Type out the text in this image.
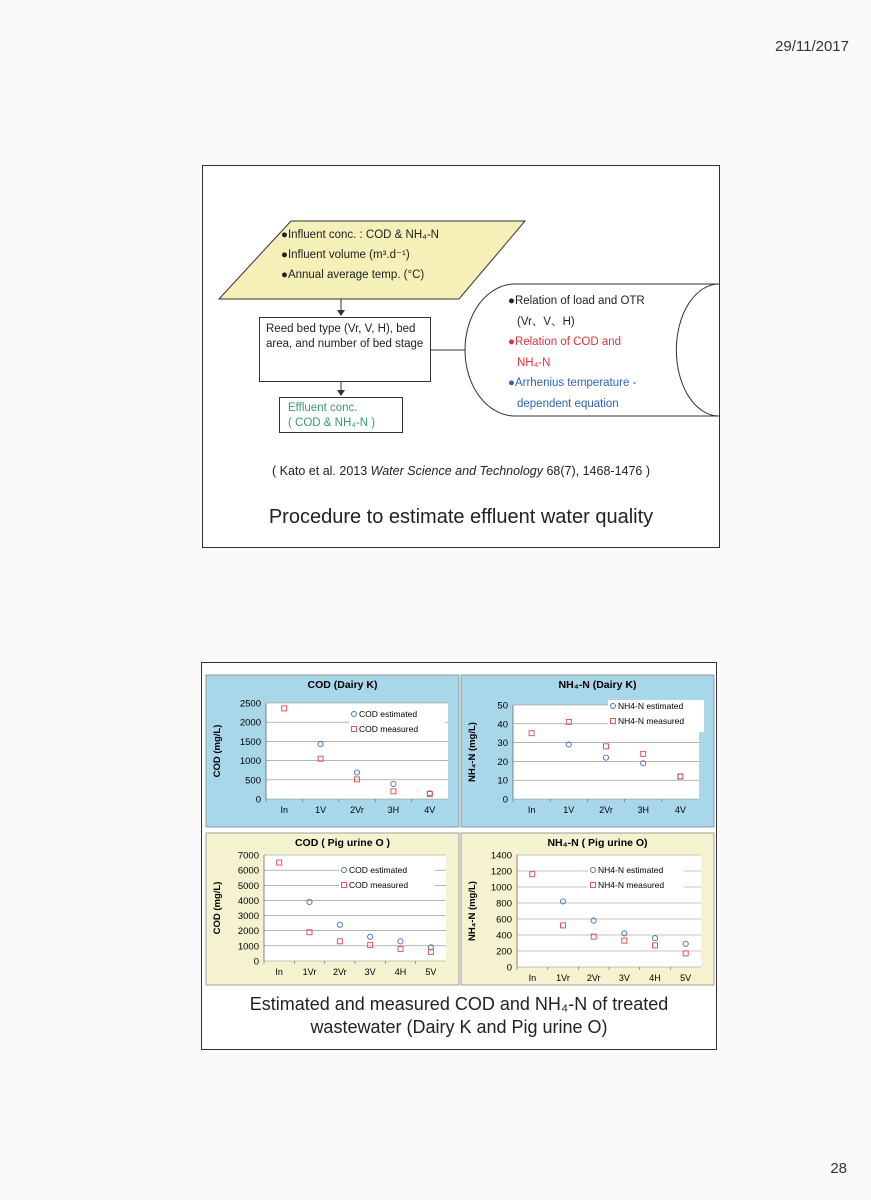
29/11/2017
●Influent conc. : COD & NH₄-N
●Influent volume (m³.d⁻¹)
●Annual average temp. (°C)
Reed bed type (Vr, V, H), bed area, and number of bed stage
Effluent conc.
( COD & NH₄-N )
●Relation of load and OTR
(Vr、V、H)
●Relation of COD and
NH₄-N
●Arrhenius temperature -
dependent equation
( Kato et al. 2013 Water Science and Technology 68(7), 1468-1476 )
Procedure to estimate effluent water quality
COD (Dairy K)
0
500
1000
1500
2000
2500
In	1V	2Vr	3H	4V
COD (mg/L)
COD estimated
COD measured
NH₄-N (Dairy K)
0
10
20
30
40
50
In	1V	2Vr	3H	4V
NH₄-N (mg/L)
NH4-N estimated
NH4-N measured
COD ( Pig urine O )
0
1000
2000
3000
4000
5000
6000
7000
In 1Vr 2Vr 3V 4H 5V
COD (mg/L)
COD estimated
COD measured
NH₄-N ( Pig urine O)
0
200
400
600
800
1000
1200
1400
In 1Vr 2Vr 3V 4H 5V
NH₄-N (mg/L)
NH4-N estimated
NH4-N measured
Estimated and measured COD and NH₄-N of treated
wastewater (Dairy K and Pig urine O)
28
